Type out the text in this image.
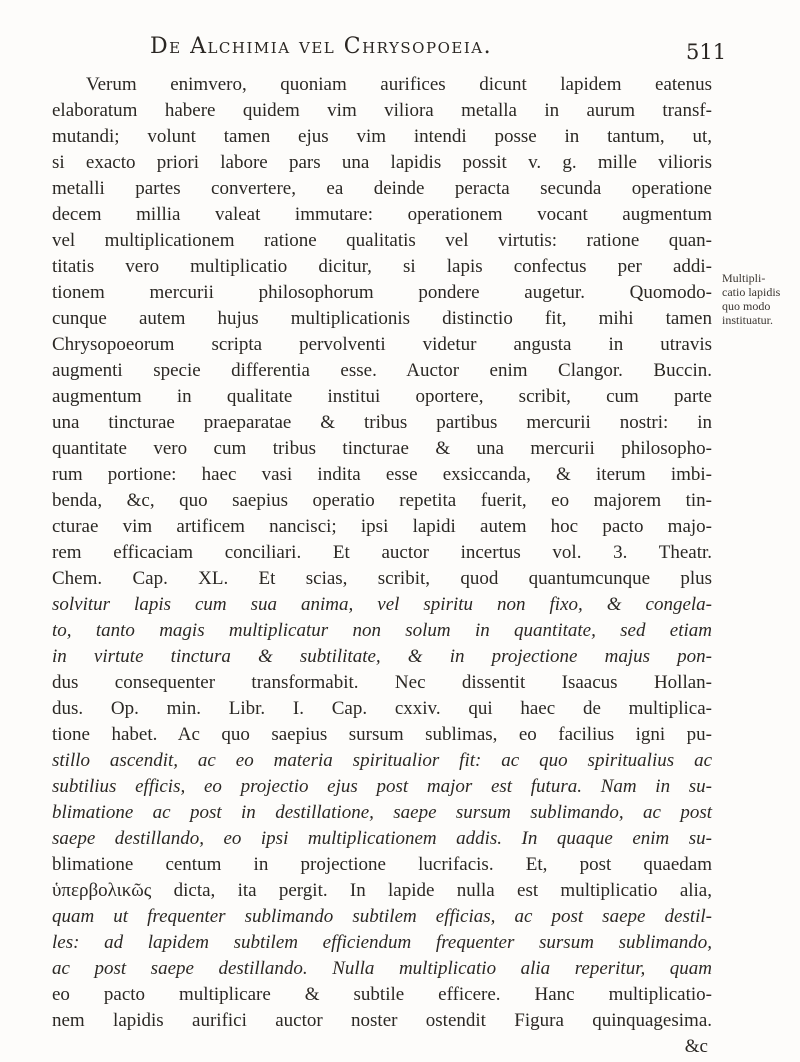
De Alchimia vel Chrysopoeia.	511
Verum enimvero, quoniam aurifices dicunt lapidem eatenus
elaboratum habere quidem vim viliora metalla in aurum transf-
mutandi; volunt tamen ejus vim intendi posse in tantum, ut,
si exacto priori labore pars una lapidis possit v. g. mille vilioris
metalli partes convertere, ea deinde peracta secunda operatione
decem millia valeat immutare: operationem vocant augmentum
vel multiplicationem ratione qualitatis vel virtutis: ratione quan-
titatis vero multiplicatio dicitur, si lapis confectus per addi-
tionem mercurii philosophorum pondere augetur. Quomodo-
cunque autem hujus multiplicationis distinctio fit, mihi tamen
Chrysopoeorum scripta pervolventi videtur angusta in utravis
augmenti specie differentia esse. Auctor enim Clangor. Buccin.
augmentum in qualitate institui oportere, scribit, cum parte
una tincturae praeparatae & tribus partibus mercurii nostri: in
quantitate vero cum tribus tincturae & una mercurii philosopho-
rum portione: haec vasi indita esse exsiccanda, & iterum imbi-
benda, &c, quo saepius operatio repetita fuerit, eo majorem tin-
cturae vim artificem nancisci; ipsi lapidi autem hoc pacto majo-
rem efficaciam conciliari. Et auctor incertus vol. 3. Theatr.
Chem. Cap. XL. Et scias, scribit, quod quantumcunque plus
solvitur lapis cum sua anima, vel spiritu non fixo, & congela-
to, tanto magis multiplicatur non solum in quantitate, sed etiam
in virtute tinctura & subtilitate, & in projectione majus pon-
dus consequenter transformabit. Nec dissentit Isaacus Hollan-
dus. Op. min. Libr. I. Cap. cxxiv. qui haec de multiplica-
tione habet. Ac quo saepius sursum sublimas, eo facilius igni pu-
stillo ascendit, ac eo materia spiritualior fit: ac quo spiritualius ac
subtilius efficis, eo projectio ejus post major est futura. Nam in su-
blimatione ac post in destillatione, saepe sursum sublimando, ac post
saepe destillando, eo ipsi multiplicationem addis. In quaque enim su-
blimatione centum in projectione lucrifacis. Et, post quaedam
ὑπερβολικῶς dicta, ita pergit. In lapide nulla est multiplicatio alia,
quam ut frequenter sublimando subtilem efficias, ac post saepe destil-
les: ad lapidem subtilem efficiendum frequenter sursum sublimando,
ac post saepe destillando. Nulla multiplicatio alia reperitur, quam
eo pacto multiplicare & subtile efficere. Hanc multiplicatio-
nem lapidis aurifici auctor noster ostendit Figura quinquagesima.
&c
Multipli-
catio lapidis
quo modo
instituatur.
